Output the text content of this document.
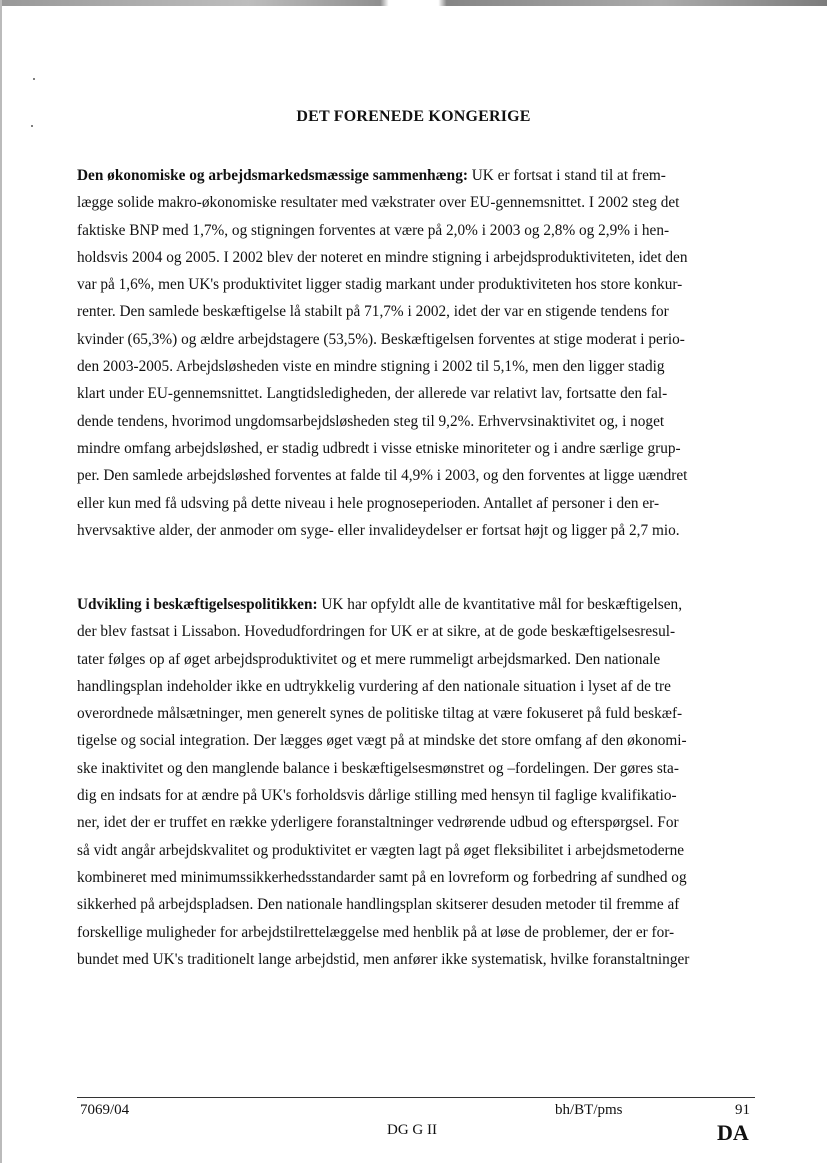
DET FORENEDE KONGERIGE

Den økonomiske og arbejdsmarkedsmæssige sammenhæng: UK er fortsat i stand til at frem-
lægge solide makro-økonomiske resultater med vækstrater over EU-gennemsnittet. I 2002 steg det
faktiske BNP med 1,7%, og stigningen forventes at være på 2,0% i 2003 og 2,8% og 2,9% i hen-
holdsvis 2004 og 2005. I 2002 blev der noteret en mindre stigning i arbejdsproduktiviteten, idet den
var på 1,6%, men UK's produktivitet ligger stadig markant under produktiviteten hos store konkur-
renter. Den samlede beskæftigelse lå stabilt på 71,7% i 2002, idet der var en stigende tendens for
kvinder (65,3%) og ældre arbejdstagere (53,5%). Beskæftigelsen forventes at stige moderat i perio-
den 2003-2005. Arbejdsløsheden viste en mindre stigning i 2002 til 5,1%, men den ligger stadig
klart under EU-gennemsnittet. Langtidsledigheden, der allerede var relativt lav, fortsatte den fal-
dende tendens, hvorimod ungdomsarbejdsløsheden steg til 9,2%. Erhvervsinaktivitet og, i noget
mindre omfang arbejdsløshed, er stadig udbredt i visse etniske minoriteter og i andre særlige grup-
per. Den samlede arbejdsløshed forventes at falde til 4,9% i 2003, og den forventes at ligge uændret
eller kun med få udsving på dette niveau i hele prognoseperioden. Antallet af personer i den er-
hvervsaktive alder, der anmoder om syge- eller invalideydelser er fortsat højt og ligger på 2,7 mio.

Udvikling i beskæftigelsespolitikken: UK har opfyldt alle de kvantitative mål for beskæftigelsen,
der blev fastsat i Lissabon. Hovedudfordringen for UK er at sikre, at de gode beskæftigelsesresul-
tater følges op af øget arbejdsproduktivitet og et mere rummeligt arbejdsmarked. Den nationale
handlingsplan indeholder ikke en udtrykkelig vurdering af den nationale situation i lyset af de tre
overordnede målsætninger, men generelt synes de politiske tiltag at være fokuseret på fuld beskæf-
tigelse og social integration. Der lægges øget vægt på at mindske det store omfang af den økonomi-
ske inaktivitet og den manglende balance i beskæftigelsesmønstret og –fordelingen. Der gøres sta-
dig en indsats for at ændre på UK's forholdsvis dårlige stilling med hensyn til faglige kvalifikatio-
ner, idet der er truffet en række yderligere foranstaltninger vedrørende udbud og efterspørgsel. For
så vidt angår arbejdskvalitet og produktivitet er vægten lagt på øget fleksibilitet i arbejdsmetoderne
kombineret med minimumssikkerhedsstandarder samt på en lovreform og forbedring af sundhed og
sikkerhed på arbejdspladsen. Den nationale handlingsplan skitserer desuden metoder til fremme af
forskellige muligheder for arbejdstilrettelæggelse med henblik på at løse de problemer, der er for-
bundet med UK's traditionelt lange arbejdstid, men anfører ikke systematisk, hvilke foranstaltninger

7069/04	bh/BT/pms	91
DG G II	DA
